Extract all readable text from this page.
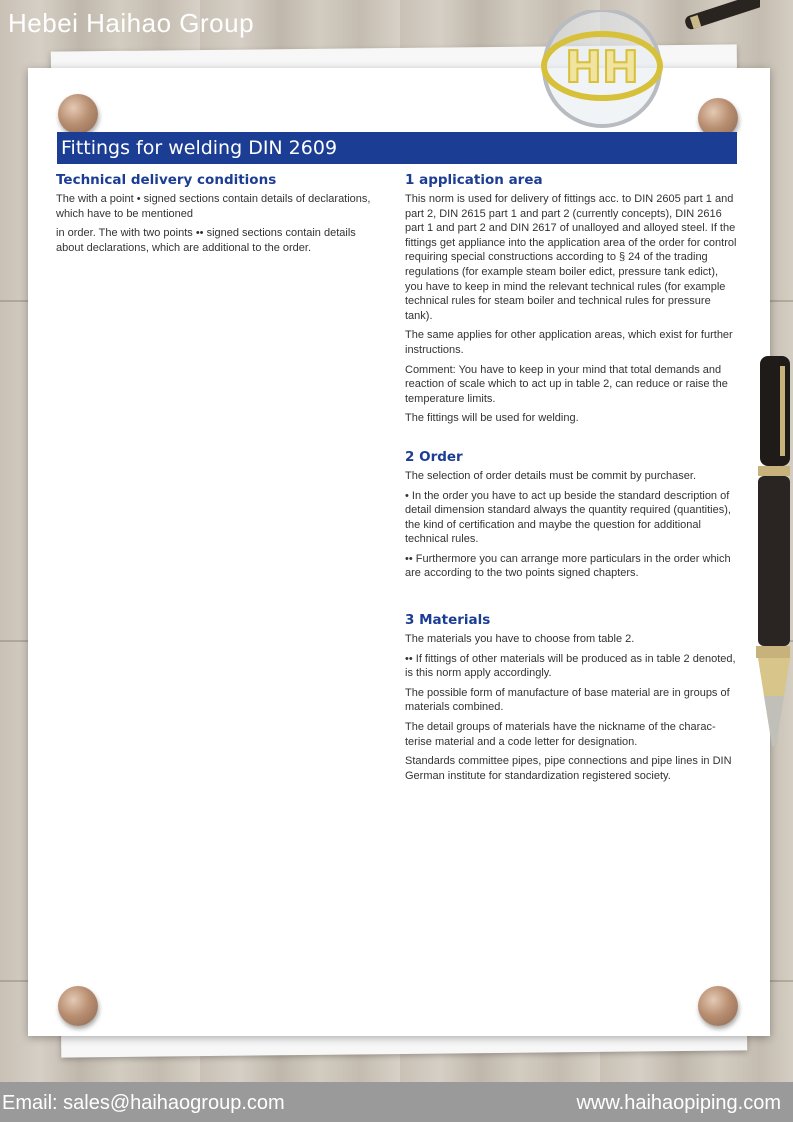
Hebei Haihao Group
HH
Fittings for welding DIN 2609
Technical delivery conditions

The with a point • signed sections contain details of declarations, which have to be mentioned

in order. The with two points •• signed sections contain details about declarations, which are additional to the order.

1 application area

This norm is used for delivery of fittings acc. to DIN 2605 part 1 and part 2, DIN 2615 part 1 and part 2 (currently concepts), DIN 2616 part 1 and part 2 and DIN 2617 of unalloyed and alloyed steel. If the fittings get appliance into the application area of the order for control requiring special constructions according to § 24 of the trading regulations (for example steam boiler edict, pressure tank edict), you have to keep in mind the relevant technical rules (for example technical rules for steam boiler and technical rules for pressure tank).

The same applies for other application areas, which exist for further instructions.

Comment: You have to keep in your mind that total demands and reaction of scale which to act up in table 2, can reduce or raise the temperature limits.

The fittings will be used for welding.

2 Order

The selection of order details must be commit by purchaser.

• In the order you have to act up beside the standard description of detail dimension standard always the quantity required (quantities), the kind of certification and maybe the question for additional technical rules.

•• Furthermore you can arrange more particulars in the order which are according to the two points signed chapters.

3 Materials

The materials you have to choose from table 2.

•• If fittings of other materials will be produced as in table 2 denoted, is this norm apply accordingly.

The possible form of manufacture of base material are in groups of materials combined.

The detail groups of materials have the nickname of the charac-terise material and a code letter for designation.

Standards committee pipes, pipe connections and pipe lines in DIN German institute for standardization registered society.

Email: sales@haihaogroup.com	www.haihaopiping.com
